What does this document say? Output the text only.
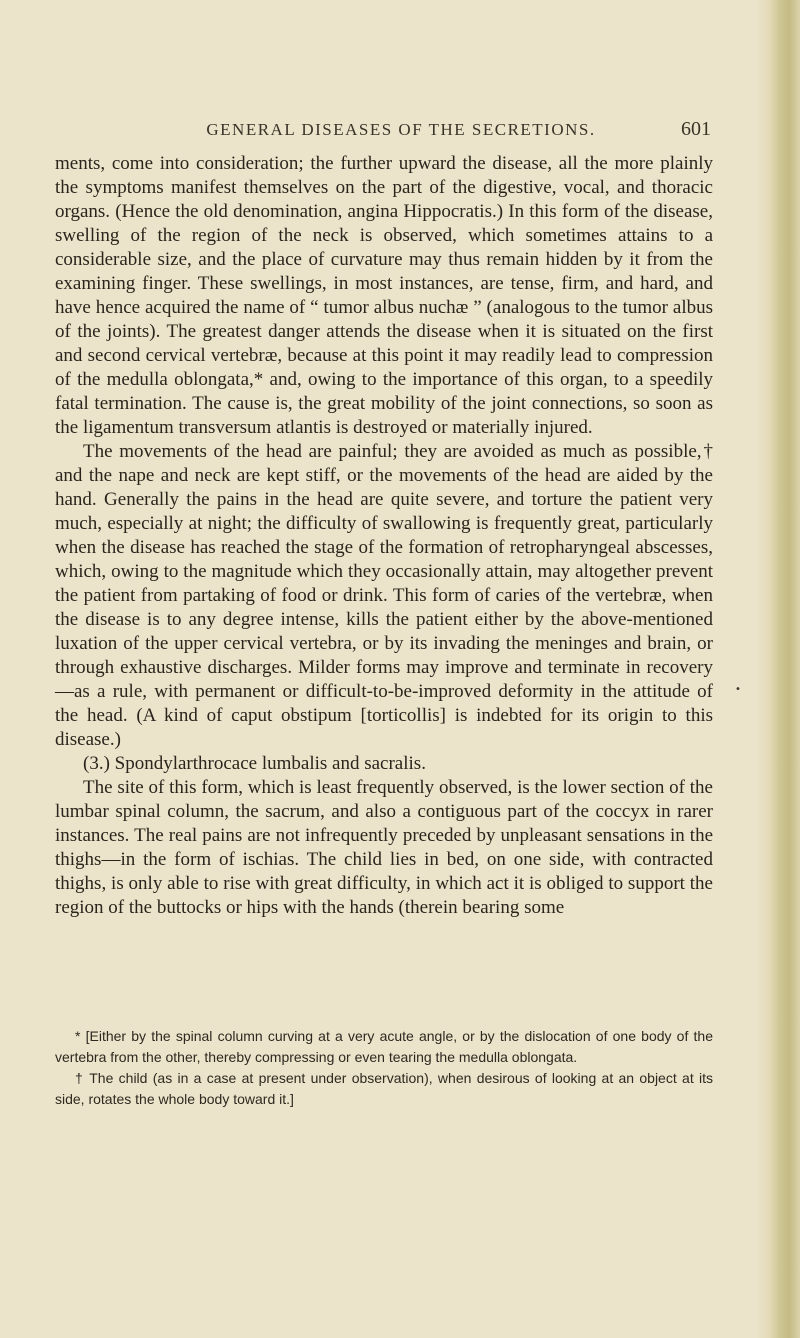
GENERAL DISEASES OF THE SECRETIONS.	601

ments, come into consideration; the further upward the disease, all the more plainly the symptoms manifest themselves on the part of the digestive, vocal, and thoracic organs. (Hence the old denomination, angina Hippocratis.) In this form of the disease, swelling of the region of the neck is observed, which sometimes attains to a considerable size, and the place of curvature may thus remain hidden by it from the examining finger. These swellings, in most instances, are tense, firm, and hard, and have hence acquired the name of “ tumor albus nuchæ ” (analogous to the tumor albus of the joints). The greatest danger attends the disease when it is situated on the first and second cervical vertebræ, because at this point it may readily lead to compression of the medulla oblongata,* and, owing to the importance of this organ, to a speedily fatal termination. The cause is, the great mobility of the joint connections, so soon as the ligamentum transversum atlantis is destroyed or materially injured.

The movements of the head are painful; they are avoided as much as possible,† and the nape and neck are kept stiff, or the movements of the head are aided by the hand. Generally the pains in the head are quite severe, and torture the patient very much, especially at night; the difficulty of swallowing is frequently great, particularly when the disease has reached the stage of the formation of retropharyngeal abscesses, which, owing to the magnitude which they occasionally attain, may altogether prevent the patient from partaking of food or drink. This form of caries of the vertebræ, when the disease is to any degree intense, kills the patient either by the above-mentioned luxation of the upper cervical vertebra, or by its invading the meninges and brain, or through exhaustive discharges. Milder forms may improve and terminate in recovery—as a rule, with permanent or difficult-to-be-improved deformity in the attitude of the head. (A kind of caput obstipum [torticollis] is indebted for its origin to this disease.)

(3.) Spondylarthrocace lumbalis and sacralis.

The site of this form, which is least frequently observed, is the lower section of the lumbar spinal column, the sacrum, and also a contiguous part of the coccyx in rarer instances. The real pains are not infrequently preceded by unpleasant sensations in the thighs—in the form of ischias. The child lies in bed, on one side, with contracted thighs, is only able to rise with great difficulty, in which act it is obliged to support the region of the buttocks or hips with the hands (therein bearing some

* [Either by the spinal column curving at a very acute angle, or by the dislocation of one body of the vertebra from the other, thereby compressing or even tearing the medulla oblongata.

† The child (as in a case at present under observation), when desirous of looking at an object at its side, rotates the whole body toward it.]

•
